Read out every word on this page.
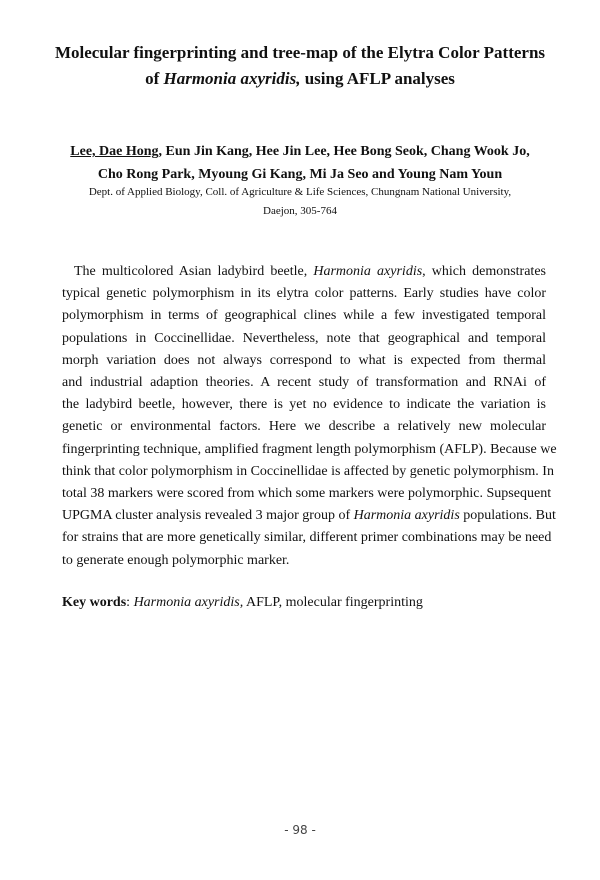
Molecular fingerprinting and tree-map of the Elytra Color Patterns
of Harmonia axyridis, using AFLP analyses
Lee, Dae Hong, Eun Jin Kang, Hee Jin Lee, Hee Bong Seok, Chang Wook Jo,
Cho Rong Park, Myoung Gi Kang, Mi Ja Seo and Young Nam Youn
Dept. of Applied Biology, Coll. of Agriculture & Life Sciences, Chungnam National University,
Daejon, 305-764
The multicolored Asian ladybird beetle, Harmonia axyridis, which demonstrates
typical genetic polymorphism in its elytra color patterns. Early studies have color
polymorphism in terms of geographical clines while a few investigated temporal
populations in Coccinellidae. Nevertheless, note that geographical and temporal
morph variation does not always correspond to what is expected from thermal
and industrial adaption theories. A recent study of transformation and RNAi of
the ladybird beetle, however, there is yet no evidence to indicate the variation is
genetic or environmental factors. Here we describe a relatively new molecular
fingerprinting technique, amplified fragment length polymorphism (AFLP). Because we
think that color polymorphism in Coccinellidae is affected by genetic polymorphism. In
total 38 markers were scored from which some markers were polymorphic. Supsequent
UPGMA cluster analysis revealed 3 major group of Harmonia axyridis populations. But
for strains that are more genetically similar, different primer combinations may be need
to generate enough polymorphic marker.
Key words: Harmonia axyridis, AFLP, molecular fingerprinting
- 98 -
